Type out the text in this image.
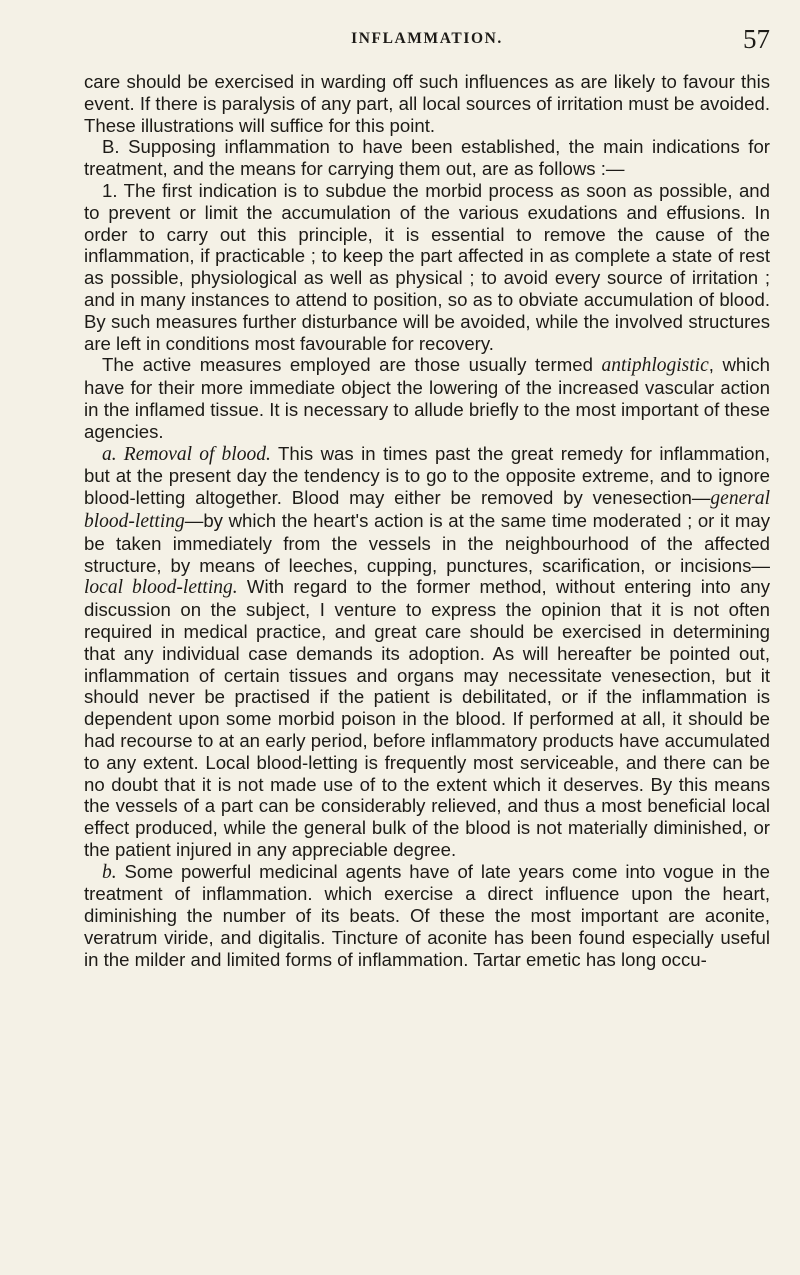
INFLAMMATION.	57

care should be exercised in warding off such influences as are likely to favour this event. If there is paralysis of any part, all local sources of irritation must be avoided. These illustrations will suffice for this point.

B. Supposing inflammation to have been established, the main indications for treatment, and the means for carrying them out, are as follows :—

1. The first indication is to subdue the morbid process as soon as possible, and to prevent or limit the accumulation of the various exudations and effusions. In order to carry out this principle, it is essential to remove the cause of the inflammation, if practicable ; to keep the part affected in as complete a state of rest as possible, physiological as well as physical ; to avoid every source of irritation ; and in many instances to attend to position, so as to obviate accumulation of blood. By such measures further disturbance will be avoided, while the involved structures are left in conditions most favourable for recovery.

The active measures employed are those usually termed antiphlogistic, which have for their more immediate object the lowering of the increased vascular action in the inflamed tissue. It is necessary to allude briefly to the most important of these agencies.

a. Removal of blood. This was in times past the great remedy for inflammation, but at the present day the tendency is to go to the opposite extreme, and to ignore blood-letting altogether. Blood may either be removed by venesection—general blood-letting—by which the heart's action is at the same time moderated ; or it may be taken immediately from the vessels in the neighbourhood of the affected structure, by means of leeches, cupping, punctures, scarification, or incisions—local blood-letting. With regard to the former method, without entering into any discussion on the subject, I venture to express the opinion that it is not often required in medical practice, and great care should be exercised in determining that any individual case demands its adoption. As will hereafter be pointed out, inflammation of certain tissues and organs may necessitate venesection, but it should never be practised if the patient is debilitated, or if the inflammation is dependent upon some morbid poison in the blood. If performed at all, it should be had recourse to at an early period, before inflammatory products have accumulated to any extent. Local blood-letting is frequently most serviceable, and there can be no doubt that it is not made use of to the extent which it deserves. By this means the vessels of a part can be considerably relieved, and thus a most beneficial local effect produced, while the general bulk of the blood is not materially diminished, or the patient injured in any appreciable degree.

b. Some powerful medicinal agents have of late years come into vogue in the treatment of inflammation. which exercise a direct influence upon the heart, diminishing the number of its beats. Of these the most important are aconite, veratrum viride, and digitalis. Tincture of aconite has been found especially useful in the milder and limited forms of inflammation. Tartar emetic has long occu-
